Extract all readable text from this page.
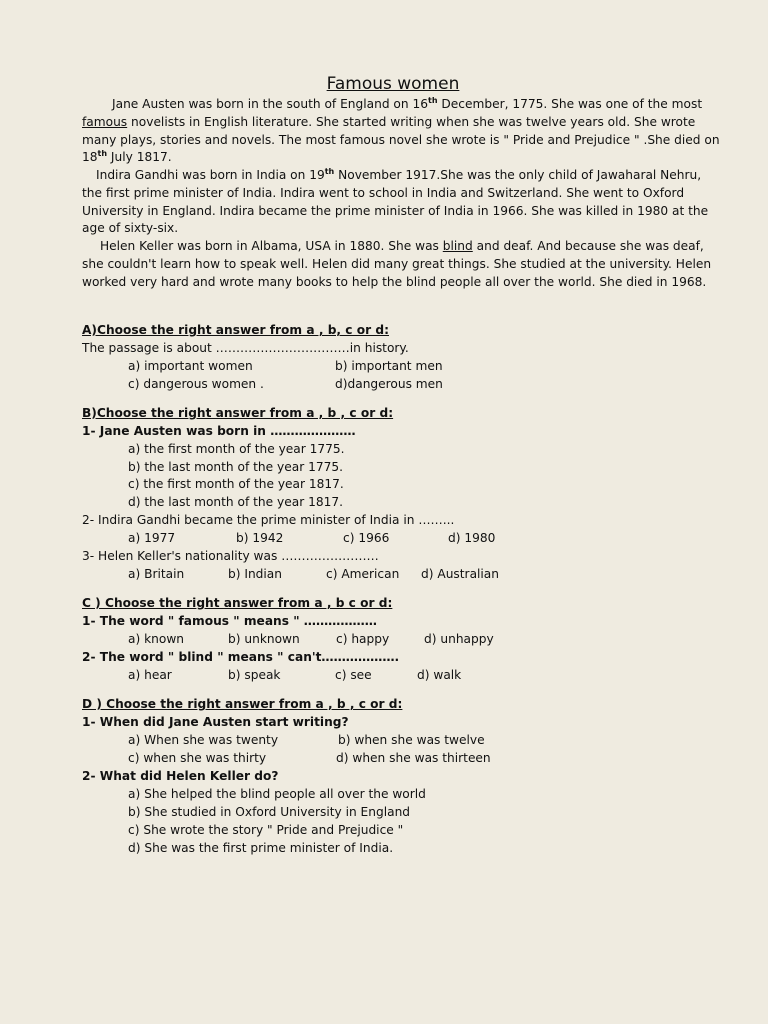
Famous women

Jane Austen was born in the south of England on 16th December, 1775. She was one of the most famous novelists in English literature. She started writing when she was twelve years old. She wrote many plays, stories and novels. The most famous novel she wrote is " Pride and Prejudice " .She died on 18th July 1817.

Indira Gandhi was born in India on 19th November 1917.She was the only child of Jawaharal Nehru, the first prime minister of India. Indira went to school in India and Switzerland. She went to Oxford University in England. Indira became the prime minister of India in 1966. She was killed in 1980 at the age of sixty-six.

Helen Keller was born in Albama, USA in 1880. She was blind and deaf. And because she was deaf, she couldn't learn how to speak well. Helen did many great things. She studied at the university. Helen worked very hard and wrote many books to help the blind people all over the world. She died in 1968.

A)Choose the right answer from a , b, c or d:
The passage is about ……………………………in history.
a) important women	b) important men
c) dangerous women .	d)dangerous men
B)Choose the right answer from a , b , c or d:
1- Jane Austen was born in …………………
a) the first month of the year 1775.
b) the last month of the year 1775.
c) the first month of the year 1817.
d) the last month of the year 1817.
2- Indira Gandhi became the prime minister of India in ……...
a) 1977	b) 1942	c) 1966	d) 1980
3- Helen Keller's nationality was ……………………
a) Britain	b) Indian	c) American d) Australian
C ) Choose the right answer from a , b c or d:
1- The word " famous " means " ………………
a) known	b) unknown	c) happy	d) unhappy
2- The word " blind " means " can't……………….
a) hear	b) speak	c) see	d) walk
D ) Choose the right answer from a , b , c or d:
1- When did Jane Austen start writing?
a) When she was twenty	b) when she was twelve
c) when she was thirty	d) when she was thirteen
2- What did Helen Keller do?
a) She helped the blind people all over the world
b) She studied in Oxford University in England
c) She wrote the story " Pride and Prejudice "
d) She was the first prime minister of India.
